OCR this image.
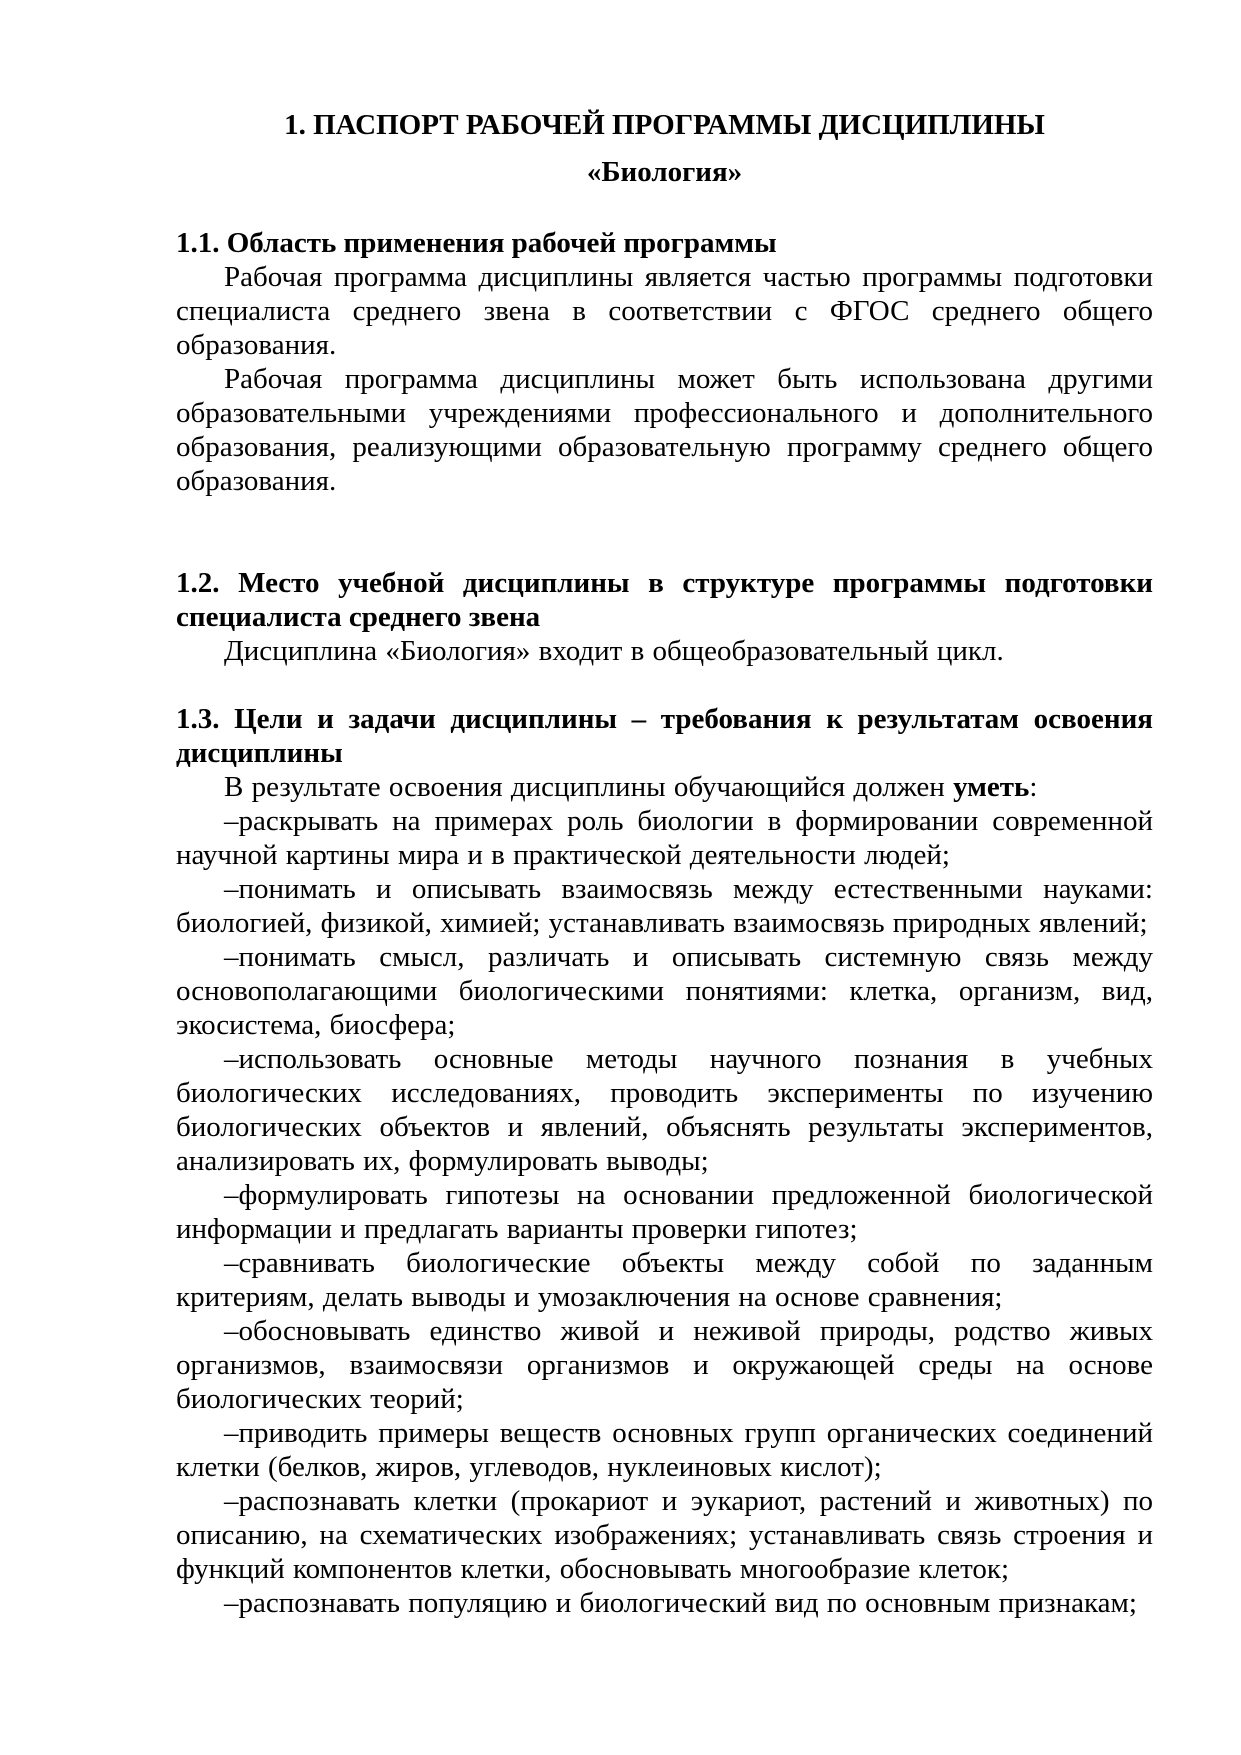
1. ПАСПОРТ РАБОЧЕЙ ПРОГРАММЫ ДИСЦИПЛИНЫ
«Биология»
1.1. Область применения рабочей программы

Рабочая программа дисциплины является частью программы подготовки специалиста среднего звена в соответствии с ФГОС среднего общего образования.

Рабочая программа дисциплины может быть использована другими образовательными учреждениями профессионального и дополнительного образования, реализующими образовательную программу среднего общего образования.

1.2. Место учебной дисциплины в структуре программы подготовки специалиста среднего звена

Дисциплина «Биология» входит в общеобразовательный цикл.

1.3. Цели и задачи дисциплины – требования к результатам освоения дисциплины

В результате освоения дисциплины обучающийся должен уметь:

–раскрывать на примерах роль биологии в формировании современной научной картины мира и в практической деятельности людей;

–понимать и описывать взаимосвязь между естественными науками: биологией, физикой, химией; устанавливать взаимосвязь природных явлений;

–понимать смысл, различать и описывать системную связь между основополагающими биологическими понятиями: клетка, организм, вид, экосистема, биосфера;

–использовать основные методы научного познания в учебных биологических исследованиях, проводить эксперименты по изучению биологических объектов и явлений, объяснять результаты экспериментов, анализировать их, формулировать выводы;

–формулировать гипотезы на основании предложенной биологической информации и предлагать варианты проверки гипотез;

–сравнивать биологические объекты между собой по заданным критериям, делать выводы и умозаключения на основе сравнения;

–обосновывать единство живой и неживой природы, родство живых организмов, взаимосвязи организмов и окружающей среды на основе биологических теорий;

–приводить примеры веществ основных групп органических соединений клетки (белков, жиров, углеводов, нуклеиновых кислот);

–распознавать клетки (прокариот и эукариот, растений и животных) по описанию, на схематических изображениях; устанавливать связь строения и функций компонентов клетки, обосновывать многообразие клеток;

–распознавать популяцию и биологический вид по основным признакам;
